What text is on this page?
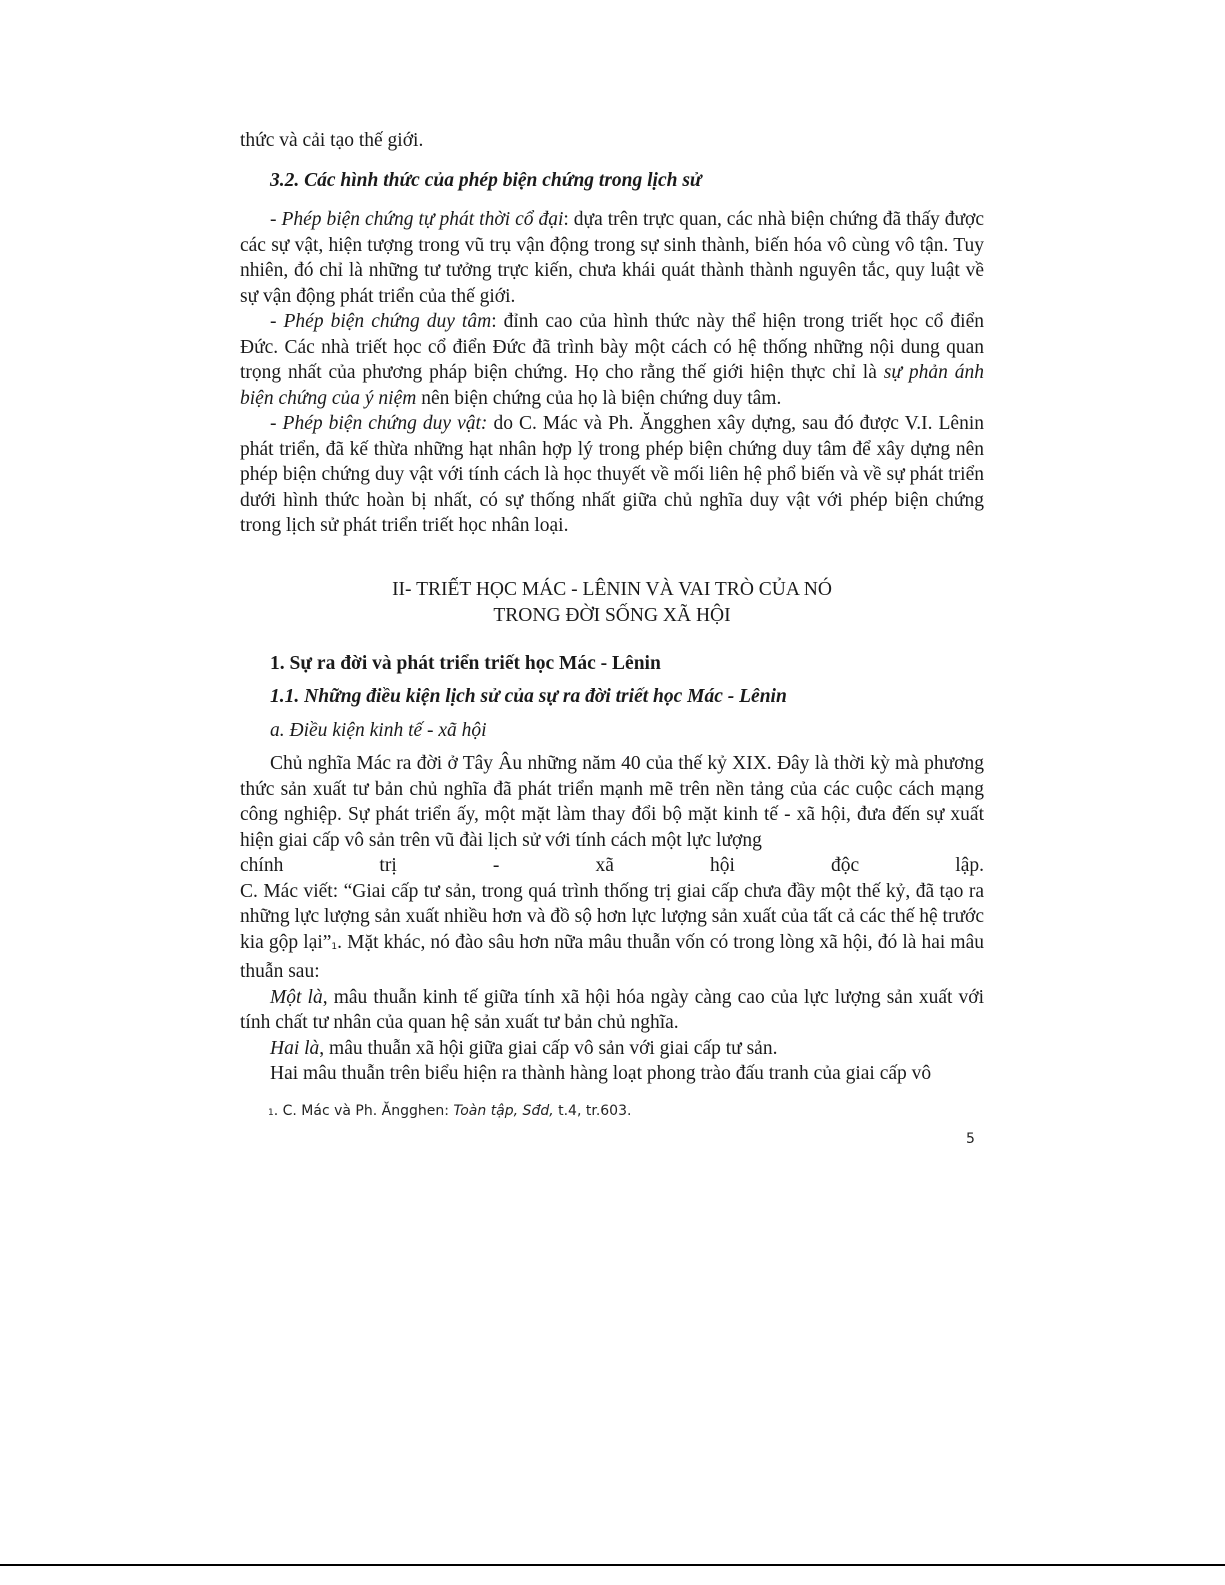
thức và cải tạo thế giới.

3.2. Các hình thức của phép biện chứng trong lịch sử

- Phép biện chứng tự phát thời cổ đại: dựa trên trực quan, các nhà biện chứng đã thấy được các sự vật, hiện tượng trong vũ trụ vận động trong sự sinh thành, biến hóa vô cùng vô tận. Tuy nhiên, đó chỉ là những tư tưởng trực kiến, chưa khái quát thành thành nguyên tắc, quy luật về sự vận động phát triển của thế giới.

- Phép biện chứng duy tâm: đỉnh cao của hình thức này thể hiện trong triết học cổ điển Đức. Các nhà triết học cổ điển Đức đã trình bày một cách có hệ thống những nội dung quan trọng nhất của phương pháp biện chứng. Họ cho rằng thế giới hiện thực chỉ là sự phản ánh biện chứng của ý niệm nên biện chứng của họ là biện chứng duy tâm.

- Phép biện chứng duy vật: do C. Mác và Ph. Ăngghen xây dựng, sau đó được V.I. Lênin phát triển, đã kế thừa những hạt nhân hợp lý trong phép biện chứng duy tâm để xây dựng nên phép biện chứng duy vật với tính cách là học thuyết về mối liên hệ phổ biến và về sự phát triển dưới hình thức hoàn bị nhất, có sự thống nhất giữa chủ nghĩa duy vật với phép biện chứng trong lịch sử phát triển triết học nhân loại.

II- TRIẾT HỌC MÁC - LÊNIN VÀ VAI TRÒ CỦA NÓ
TRONG ĐỜI SỐNG XÃ HỘI

1. Sự ra đời và phát triển triết học Mác - Lênin

1.1. Những điều kiện lịch sử của sự ra đời triết học Mác - Lênin

a. Điều kiện kinh tế - xã hội

Chủ nghĩa Mác ra đời ở Tây Âu những năm 40 của thế kỷ XIX. Đây là thời kỳ mà phương thức sản xuất tư bản chủ nghĩa đã phát triển mạnh mẽ trên nền tảng của các cuộc cách mạng công nghiệp. Sự phát triển ấy, một mặt làm thay đổi bộ mặt kinh tế - xã hội, đưa đến sự xuất hiện giai cấp vô sản trên vũ đài lịch sử với tính cách một lực lượng

chính trị - xã hội độc lập.

C. Mác viết: “Giai cấp tư sản, trong quá trình thống trị giai cấp chưa đầy một thế kỷ, đã tạo ra những lực lượng sản xuất nhiều hơn và đồ sộ hơn lực lượng sản xuất của tất cả các thế hệ trước kia gộp lại”$^1$. Mặt khác, nó đào sâu hơn nữa mâu thuẫn vốn có trong lòng xã hội, đó là hai mâu thuẫn sau:

Một là, mâu thuẫn kinh tế giữa tính xã hội hóa ngày càng cao của lực lượng sản xuất với tính chất tư nhân của quan hệ sản xuất tư bản chủ nghĩa.

Hai là, mâu thuẫn xã hội giữa giai cấp vô sản với giai cấp tư sản.

Hai mâu thuẫn trên biểu hiện ra thành hàng loạt phong trào đấu tranh của giai cấp vô

1. C. Mác và Ph. Ăngghen: Toàn tập, Sđd, t.4, tr.603.
5
